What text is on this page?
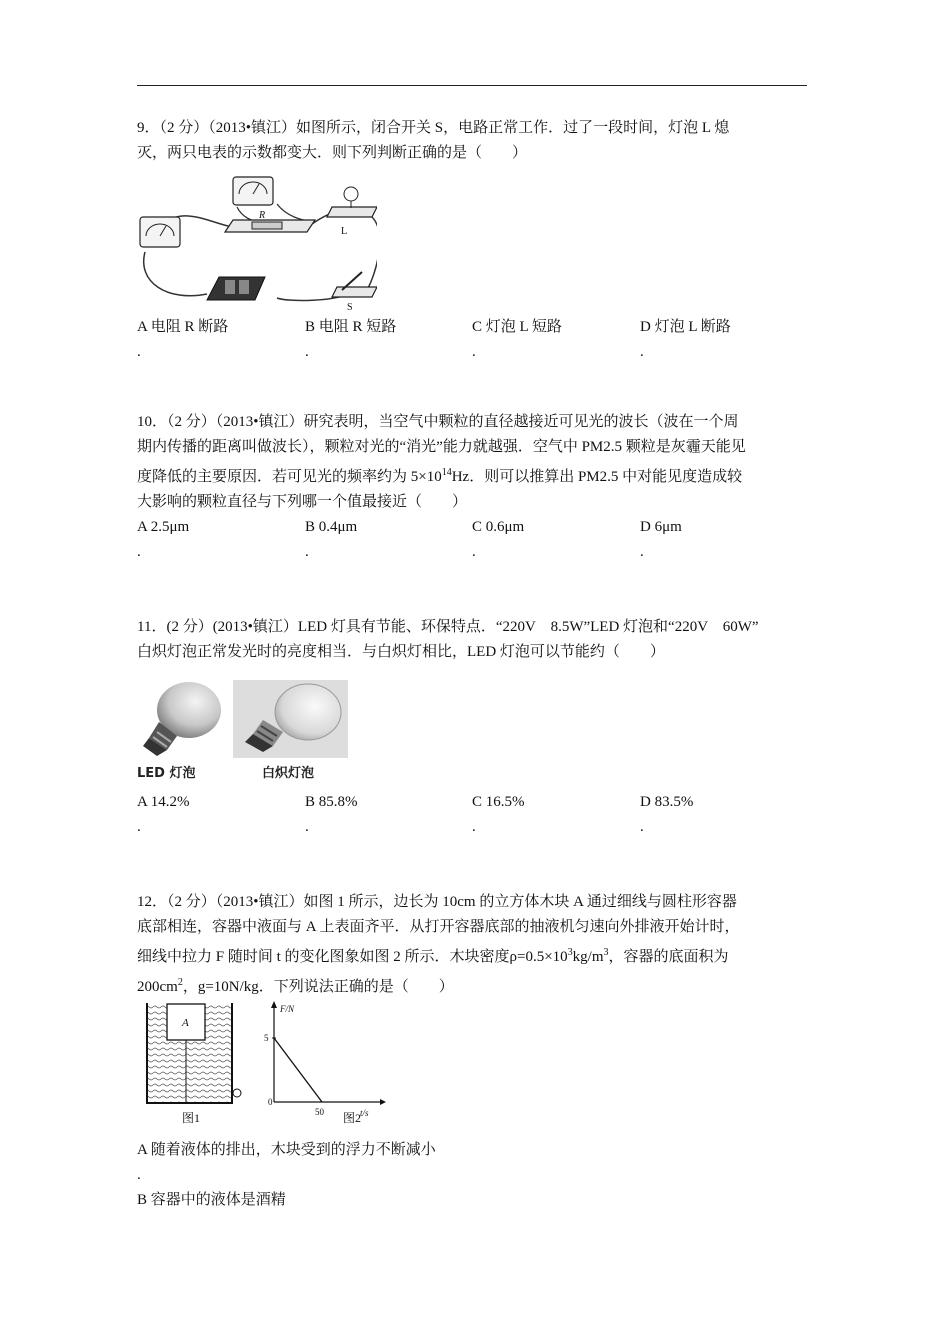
9．（2 分）（2013•镇江）如图所示，闭合开关 S，电路正常工作．过了一段时间，灯泡 L 熄

灭，两只电表的示数都变大．则下列判断正确的是（　　）

R
L
S
A 电阻 R 断路
.
B 电阻 R 短路
.
C 灯泡 L 短路
.
D 灯泡 L 断路
.

10．（2 分）（2013•镇江）研究表明，当空气中颗粒的直径越接近可见光的波长（波在一个周

期内传播的距离叫做波长），颗粒对光的“消光”能力就越强．空气中 PM2.5 颗粒是灰霾天能见

度降低的主要原因．若可见光的频率约为 $5\times 10^{14}Hz$．则可以推算出 PM2.5 中对能见度造成较

大影响的颗粒直径与下列哪一个值最接近（　　）

A 2.5μm
.
B 0.4μm
.
C 0.6μm
.
D 6μm
.

11．(2 分）(2013•镇江）LED 灯具有节能、环保特点．“220V　8.5W”LED 灯泡和“220V　60W”

白炽灯泡正常发光时的亮度相当．与白炽灯相比，LED 灯泡可以节能约（　　）

LED 灯泡	白炽灯泡
A 14.2%
.
B 85.8%
.
C 16.5%
.
D 83.5%
.

12．（2 分）（2013•镇江）如图 1 所示，边长为 10cm 的立方体木块 A 通过细线与圆柱形容器

底部相连，容器中液面与 A 上表面齐平．从打开容器底部的抽液机匀速向外排液开始计时，

细线中拉力 F 随时间 t 的变化图象如图 2 所示．木块密度$\rho=0.5\times 10^3kg/m^3$，容器的底面积为

$200cm^2$，g=10N/kg．下列说法正确的是（　　）

A
图1
F/N
t/s
5
50
0
图2
A 随着液体的排出，木块受到的浮力不断减小
.
B 容器中的液体是酒精
